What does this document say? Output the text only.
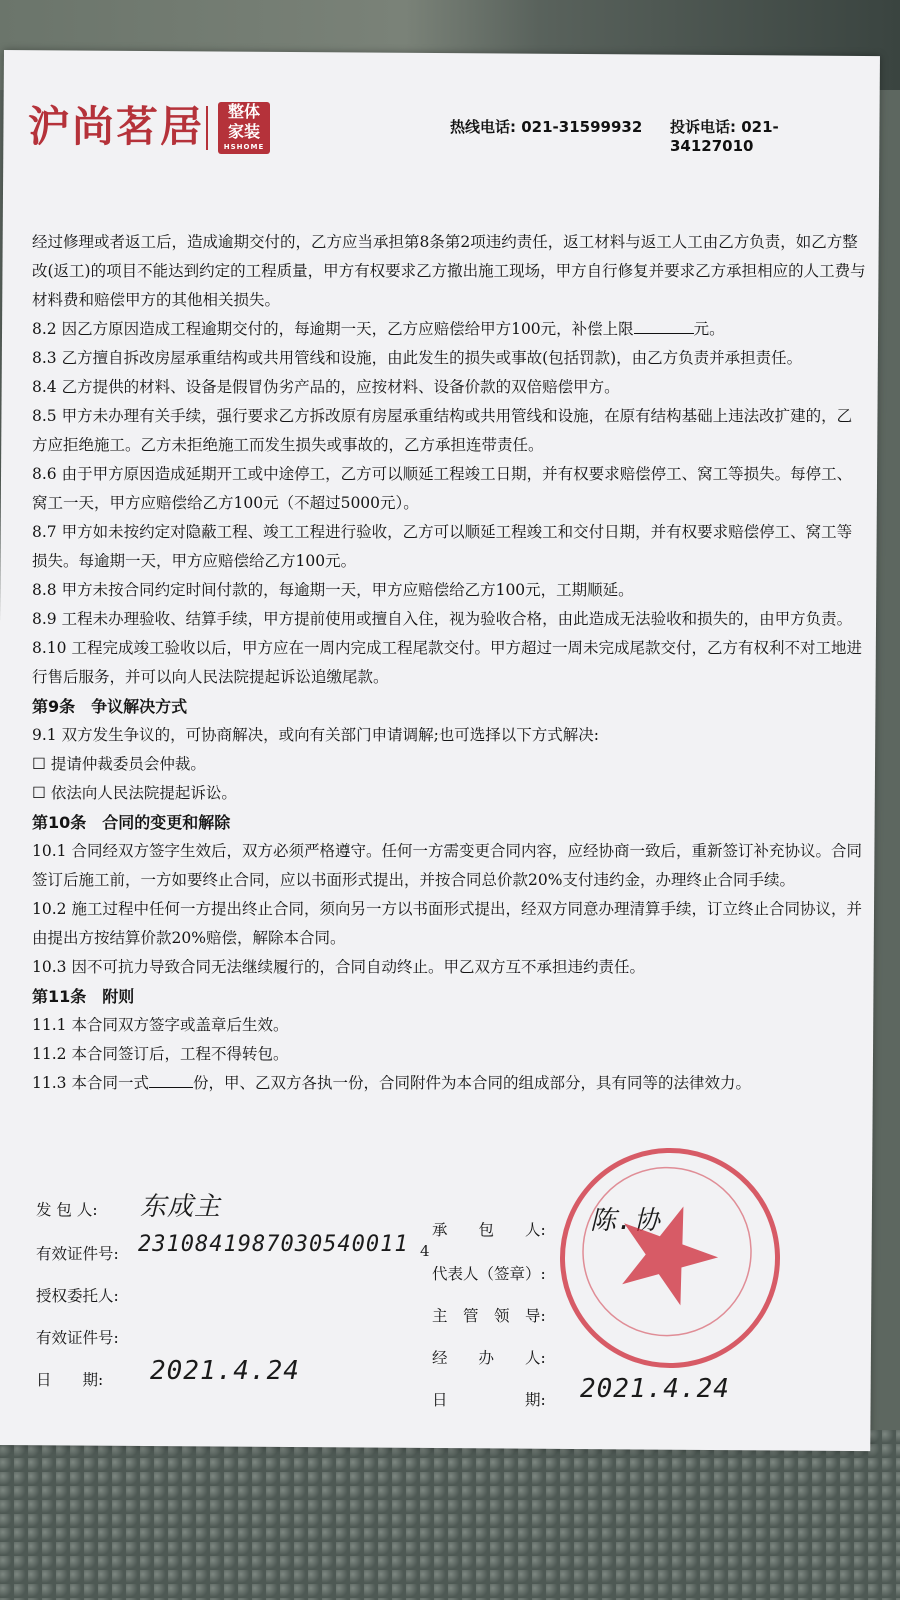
沪尚茗居	整体
家装
HSHOME
热线电话: 021-31599932 投诉电话: 021-34127010

经过修理或者返工后，造成逾期交付的，乙方应当承担第8条第2项违约责任，返工材料与返工人工由乙方负责，如乙方整改(返工)的项目不能达到约定的工程质量，甲方有权要求乙方撤出施工现场，甲方自行修复并要求乙方承担相应的人工费与材料费和赔偿甲方的其他相关损失。

8.2 因乙方原因造成工程逾期交付的，每逾期一天，乙方应赔偿给甲方100元，补偿上限	元。

8.3 乙方擅自拆改房屋承重结构或共用管线和设施，由此发生的损失或事故(包括罚款)，由乙方负责并承担责任。

8.4 乙方提供的材料、设备是假冒伪劣产品的，应按材料、设备价款的双倍赔偿甲方。

8.5 甲方未办理有关手续，强行要求乙方拆改原有房屋承重结构或共用管线和设施，在原有结构基础上违法改扩建的，乙方应拒绝施工。乙方未拒绝施工而发生损失或事故的，乙方承担连带责任。

8.6 由于甲方原因造成延期开工或中途停工，乙方可以顺延工程竣工日期，并有权要求赔偿停工、窝工等损失。每停工、窝工一天，甲方应赔偿给乙方100元（不超过5000元）。

8.7 甲方如未按约定对隐蔽工程、竣工工程进行验收，乙方可以顺延工程竣工和交付日期，并有权要求赔偿停工、窝工等损失。每逾期一天，甲方应赔偿给乙方100元。

8.8 甲方未按合同约定时间付款的，每逾期一天，甲方应赔偿给乙方100元，工期顺延。

8.9 工程未办理验收、结算手续，甲方提前使用或擅自入住，视为验收合格，由此造成无法验收和损失的，由甲方负责。

8.10 工程完成竣工验收以后，甲方应在一周内完成工程尾款交付。甲方超过一周未完成尾款交付，乙方有权利不对工地进行售后服务，并可以向人民法院提起诉讼追缴尾款。

第9条　争议解决方式

9.1 双方发生争议的，可协商解决，或向有关部门申请调解;也可选择以下方式解决:

☐ 提请仲裁委员会仲裁。

☐ 依法向人民法院提起诉讼。

第10条　合同的变更和解除

10.1 合同经双方签字生效后，双方必须严格遵守。任何一方需变更合同内容，应经协商一致后，重新签订补充协议。合同签订后施工前，一方如要终止合同，应以书面形式提出，并按合同总价款20%支付违约金，办理终止合同手续。

10.2 施工过程中任何一方提出终止合同，须向另一方以书面形式提出，经双方同意办理清算手续，订立终止合同协议，并由提出方按结算价款20%赔偿，解除本合同。

10.3 因不可抗力导致合同无法继续履行的，合同自动终止。甲乙双方互不承担违约责任。

第11条　附则

11.1 本合同双方签字或盖章后生效。

11.2 本合同签订后，工程不得转包。

11.3 本合同一式	份，甲、乙双方各执一份，合同附件为本合同的组成部分，具有同等的法律效力。

发 包 人: 东成主
有效证件号: 2310841987030540011
授权委托人:
有效证件号:
日　　期: 2021.4.24
承　　包　　人: 陈.协
代表人（签章）:
主　管　领　导:
经　　办　　人:
日　　　　　期: 2021.4.24
4
